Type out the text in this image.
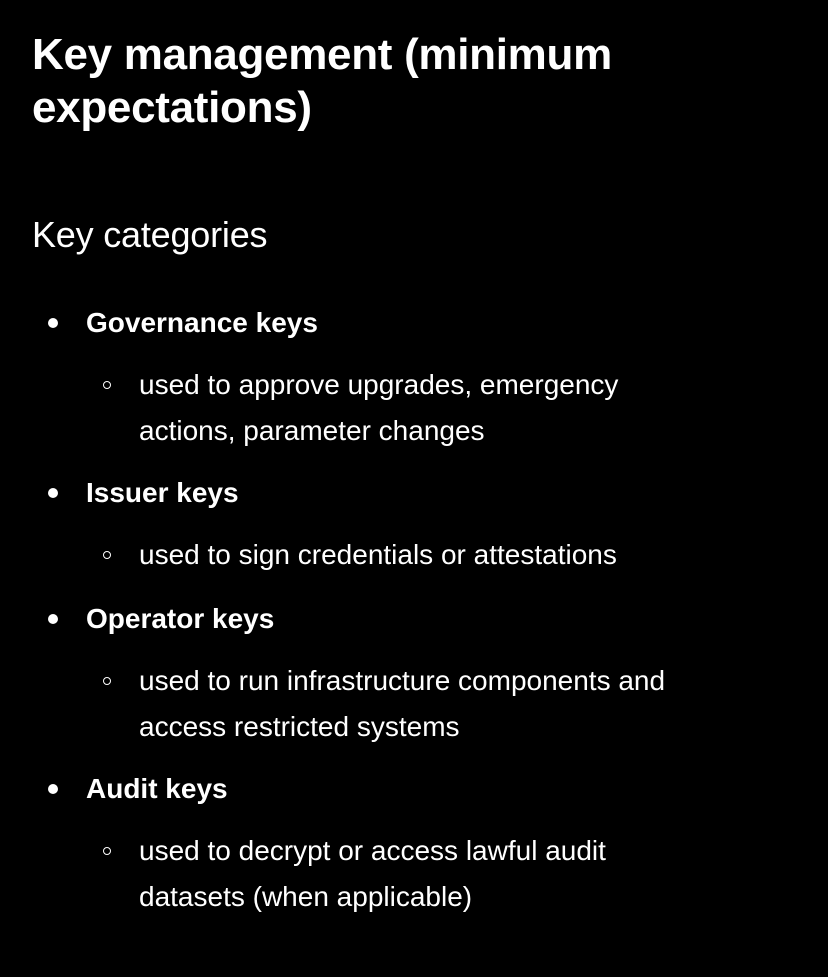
Key management (minimum expectations)
Key categories

Governance keys

used to approve upgrades, emergency
actions, parameter changes

Issuer keys

used to sign credentials or attestations

Operator keys

used to run infrastructure components and
access restricted systems

Audit keys

used to decrypt or access lawful audit
datasets (when applicable)
